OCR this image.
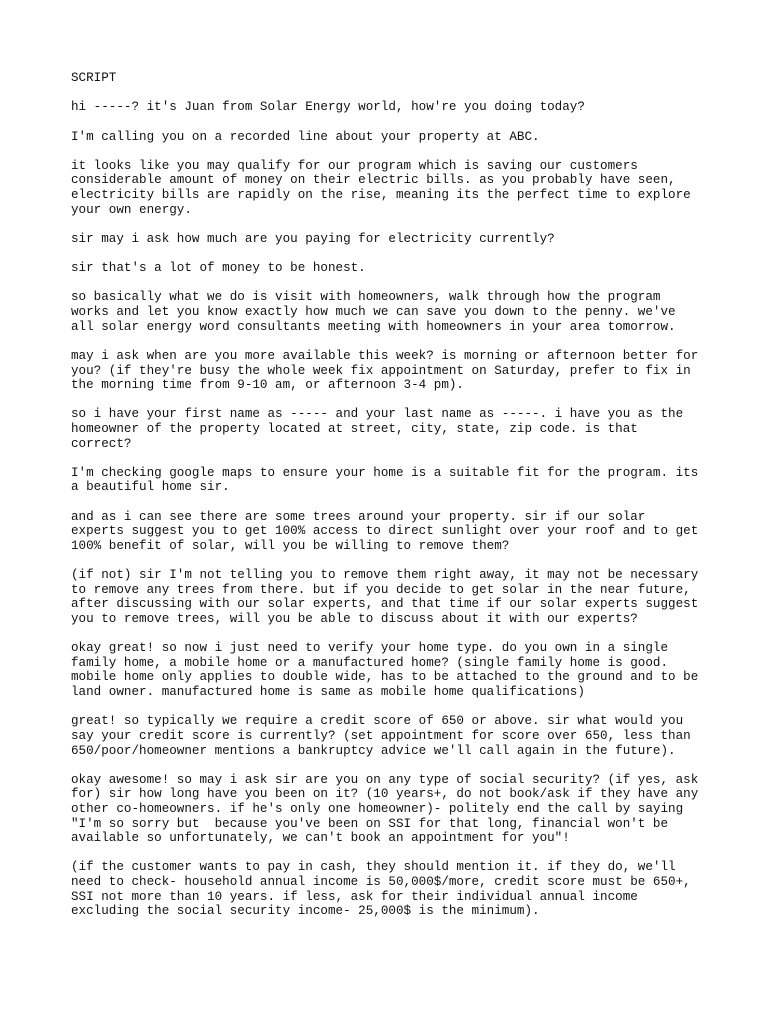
SCRIPT
hi -----? it's Juan from Solar Energy world, how're you doing today?
I'm calling you on a recorded line about your property at ABC.
it looks like you may qualify for our program which is saving our customers
considerable amount of money on their electric bills. as you probably have seen,
electricity bills are rapidly on the rise, meaning its the perfect time to explore
your own energy.
sir may i ask how much are you paying for electricity currently?
sir that's a lot of money to be honest.
so basically what we do is visit with homeowners, walk through how the program
works and let you know exactly how much we can save you down to the penny. we've
all solar energy word consultants meeting with homeowners in your area tomorrow.
may i ask when are you more available this week? is morning or afternoon better for
you? (if they're busy the whole week fix appointment on Saturday, prefer to fix in
the morning time from 9-10 am, or afternoon 3-4 pm).
so i have your first name as ----- and your last name as -----. i have you as the
homeowner of the property located at street, city, state, zip code. is that
correct?
I'm checking google maps to ensure your home is a suitable fit for the program. its
a beautiful home sir.
and as i can see there are some trees around your property. sir if our solar
experts suggest you to get 100% access to direct sunlight over your roof and to get
100% benefit of solar, will you be willing to remove them?
(if not) sir I'm not telling you to remove them right away, it may not be necessary
to remove any trees from there. but if you decide to get solar in the near future,
after discussing with our solar experts, and that time if our solar experts suggest
you to remove trees, will you be able to discuss about it with our experts?
okay great! so now i just need to verify your home type. do you own in a single
family home, a mobile home or a manufactured home? (single family home is good.
mobile home only applies to double wide, has to be attached to the ground and to be
land owner. manufactured home is same as mobile home qualifications)
great! so typically we require a credit score of 650 or above. sir what would you
say your credit score is currently? (set appointment for score over 650, less than
650/poor/homeowner mentions a bankruptcy advice we'll call again in the future).
okay awesome! so may i ask sir are you on any type of social security? (if yes, ask
for) sir how long have you been on it? (10 years+, do not book/ask if they have any
other co-homeowners. if he's only one homeowner)- politely end the call by saying
"I'm so sorry but  because you've been on SSI for that long, financial won't be
available so unfortunately, we can't book an appointment for you"!
(if the customer wants to pay in cash, they should mention it. if they do, we'll
need to check- household annual income is 50,000$/more, credit score must be 650+,
SSI not more than 10 years. if less, ask for their individual annual income
excluding the social security income- 25,000$ is the minimum).
